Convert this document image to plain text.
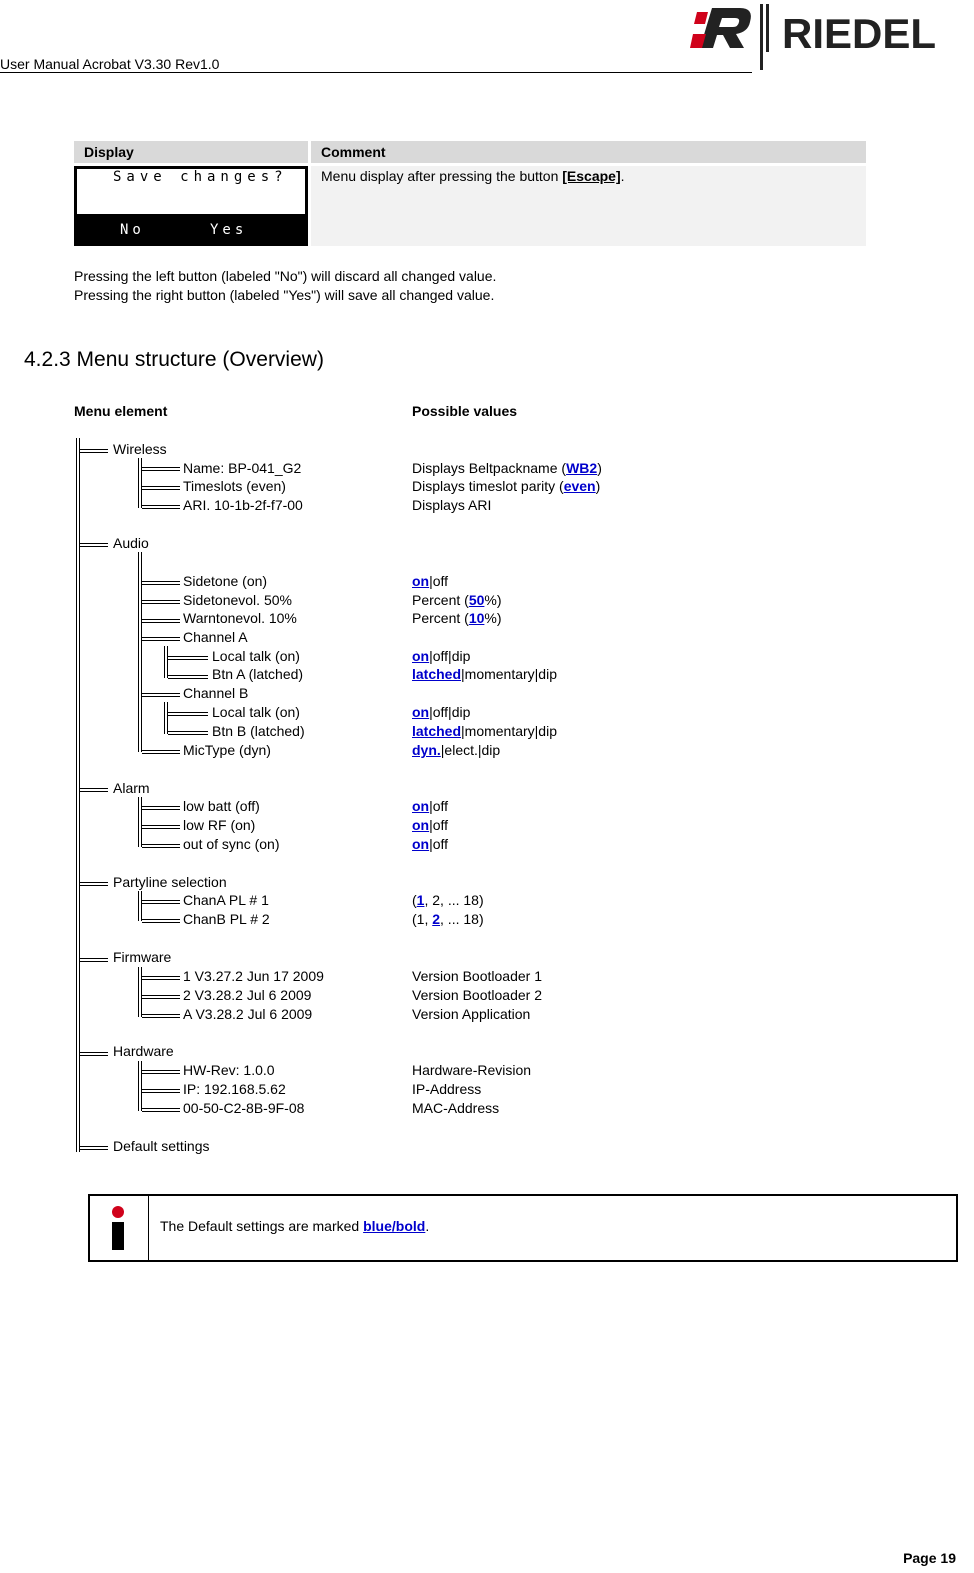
User Manual Acrobat V3.30 Rev1.0
RIEDEL
Display	Comment
Save changes?
No	Yes
Menu display after pressing the button [Escape].
Pressing the left button (labeled "No") will discard all changed value.
Pressing the right button (labeled "Yes") will save all changed value.
4.2.3 Menu structure (Overview)
Menu element	Possible values
Wireless
Name: BP-041_G2	Displays Beltpackname (WB2)
Timeslots (even)	Displays timeslot parity (even)
ARI. 10-1b-2f-f7-00	Displays ARI
Audio
Sidetone (on)	on|off
Sidetonevol. 50%	Percent (50%)
Warntonevol. 10%	Percent (10%)
Channel A
Local talk (on)	on|off|dip
Btn A (latched)	latched|momentary|dip
Channel B
Local talk (on)	on|off|dip
Btn B (latched)	latched|momentary|dip
MicType (dyn)	dyn.|elect.|dip
Alarm
low batt (off)	on|off
low RF (on)	on|off
out of sync (on)	on|off
Partyline selection
ChanA PL # 1	(1, 2, ... 18)
ChanB PL # 2	(1, 2, ... 18)
Firmware
1 V3.27.2 Jun 17 2009	Version Bootloader 1
2 V3.28.2 Jul 6 2009	Version Bootloader 2
A V3.28.2 Jul 6 2009	Version Application
Hardware
HW-Rev: 1.0.0	Hardware-Revision
IP: 192.168.5.62	IP-Address
00-50-C2-8B-9F-08	MAC-Address
Default settings
The Default settings are marked blue/bold.
Page 19
